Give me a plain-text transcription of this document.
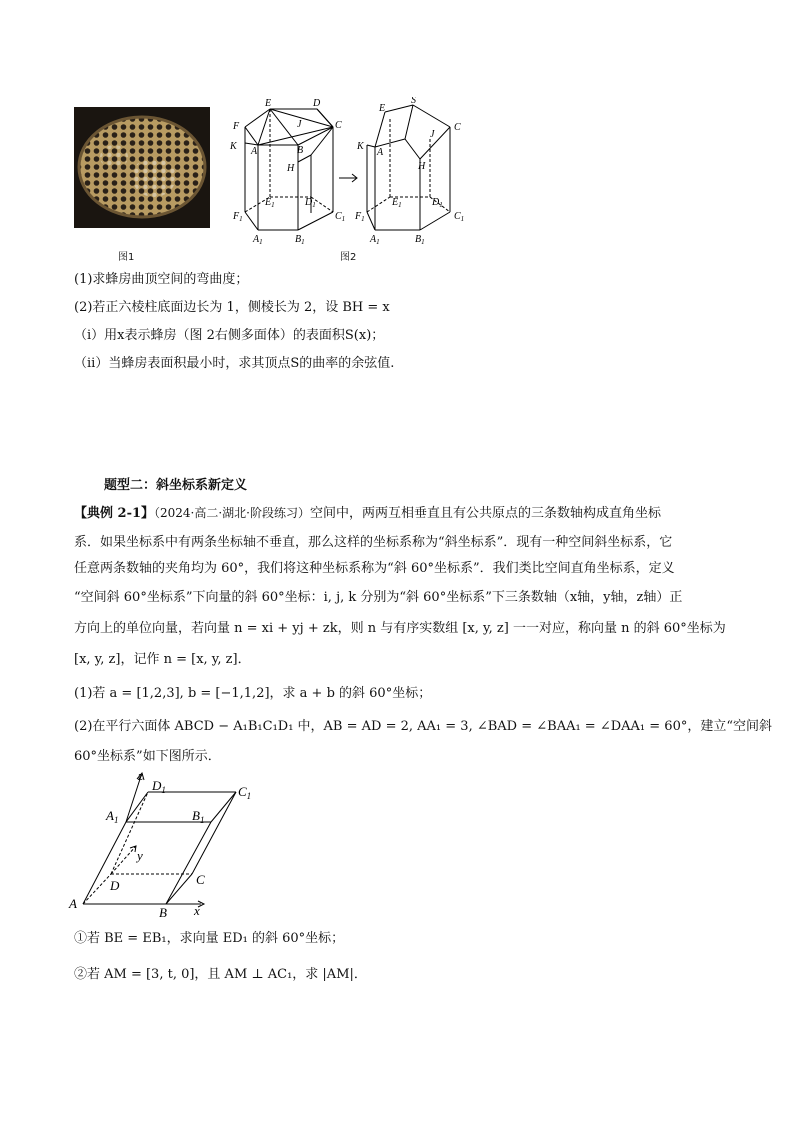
图1
E	D
F	J	C
K A	B
H
$E_1$	$D_1$
$F_1$	$C_1$
$A_1$	$B_1$
S
E
J
C
K
A
H
$E_1$	$D_1$
$F_1$	$C_1$
$A_1$	$B_1$
图2
(1)求蜂房曲顶空间的弯曲度；
(2)若正六棱柱底面边长为 1，侧棱长为 2，设 BH = x
（i）用x表示蜂房（图 2右侧多面体）的表面积S(x)；
（ii）当蜂房表面积最小时，求其顶点S的曲率的余弦值.
题型二：斜坐标系新定义
【典例 2-1】（2024·高二·湖北·阶段练习）空间中，两两互相垂直且有公共原点的三条数轴构成直角坐标
系．如果坐标系中有两条坐标轴不垂直，那么这样的坐标系称为“斜坐标系”．现有一种空间斜坐标系，它
任意两条数轴的夹角均为 60°，我们将这种坐标系称为“斜 60°坐标系”．我们类比空间直角坐标系，定义
“空间斜 60°坐标系”下向量的斜 60°坐标：i, j, k 分别为“斜 60°坐标系”下三条数轴（x轴，y轴，z轴）正
方向上的单位向量，若向量 n = xi + yj + zk，则 n 与有序实数组 [x, y, z] 一一对应，称向量 n 的斜 60°坐标为
[x, y, z]，记作 n = [x, y, z]．
(1)若 a = [1,2,3], b = [−1,1,2]，求 a + b 的斜 60°坐标；
(2)在平行六面体 ABCD − A₁B₁C₁D₁ 中，AB = AD = 2, AA₁ = 3, ∠BAD = ∠BAA₁ = ∠DAA₁ = 60°，建立“空间斜
60°坐标系”如下图所示．
z
$A_1$
$D_1$
$B_1$
$C_1$
y
D	C
A
B x
①若 BE = EB₁，求向量 ED₁ 的斜 60°坐标；
②若 AM = [3, t, 0]，且 AM ⊥ AC₁，求 |AM|．
